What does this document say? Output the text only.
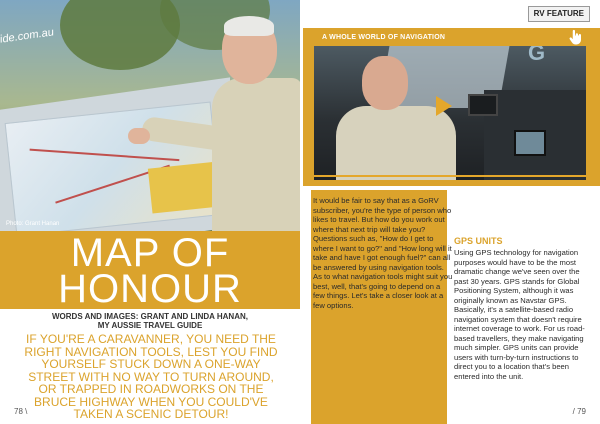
ide.com.au
Photo: Grant Hanan
MAP OF
HONOUR
WORDS AND IMAGES: GRANT AND LINDA HANAN,
MY AUSSIE TRAVEL GUIDE
IF YOU'RE A CARAVANNER, YOU NEED THE RIGHT NAVIGATION TOOLS, LEST YOU FIND YOURSELF STUCK DOWN A ONE-WAY STREET WITH NO WAY TO TURN AROUND, OR TRAPPED IN ROADWORKS ON THE BRUCE HIGHWAY WHEN YOU COULD'VE TAKEN A SCENIC DETOUR!
78 \
RV FEATURE
A WHOLE WORLD OF NAVIGATION
G
It would be fair to say that as a GoRV subscriber, you're the type of person who likes to travel. But how do you work out where that next trip will take you? Questions such as, "How do I get to where I want to go?" and "How long will it take and have I got enough fuel?" can all be answered by using navigation tools. As to what navigation tools might suit you best, well, that's going to depend on a few things. Let's take a closer look at a few options.
GPS UNITS
Using GPS technology for navigation purposes would have to be the most dramatic change we've seen over the past 30 years. GPS stands for Global Positioning System, although it was originally known as Navstar GPS. Basically, it's a satellite-based radio navigation system that doesn't require internet coverage to work. For us road-based travellers, they make navigating much simpler. GPS units can provide users with turn-by-turn instructions to direct you to a location that's been entered into the unit.
/ 79
